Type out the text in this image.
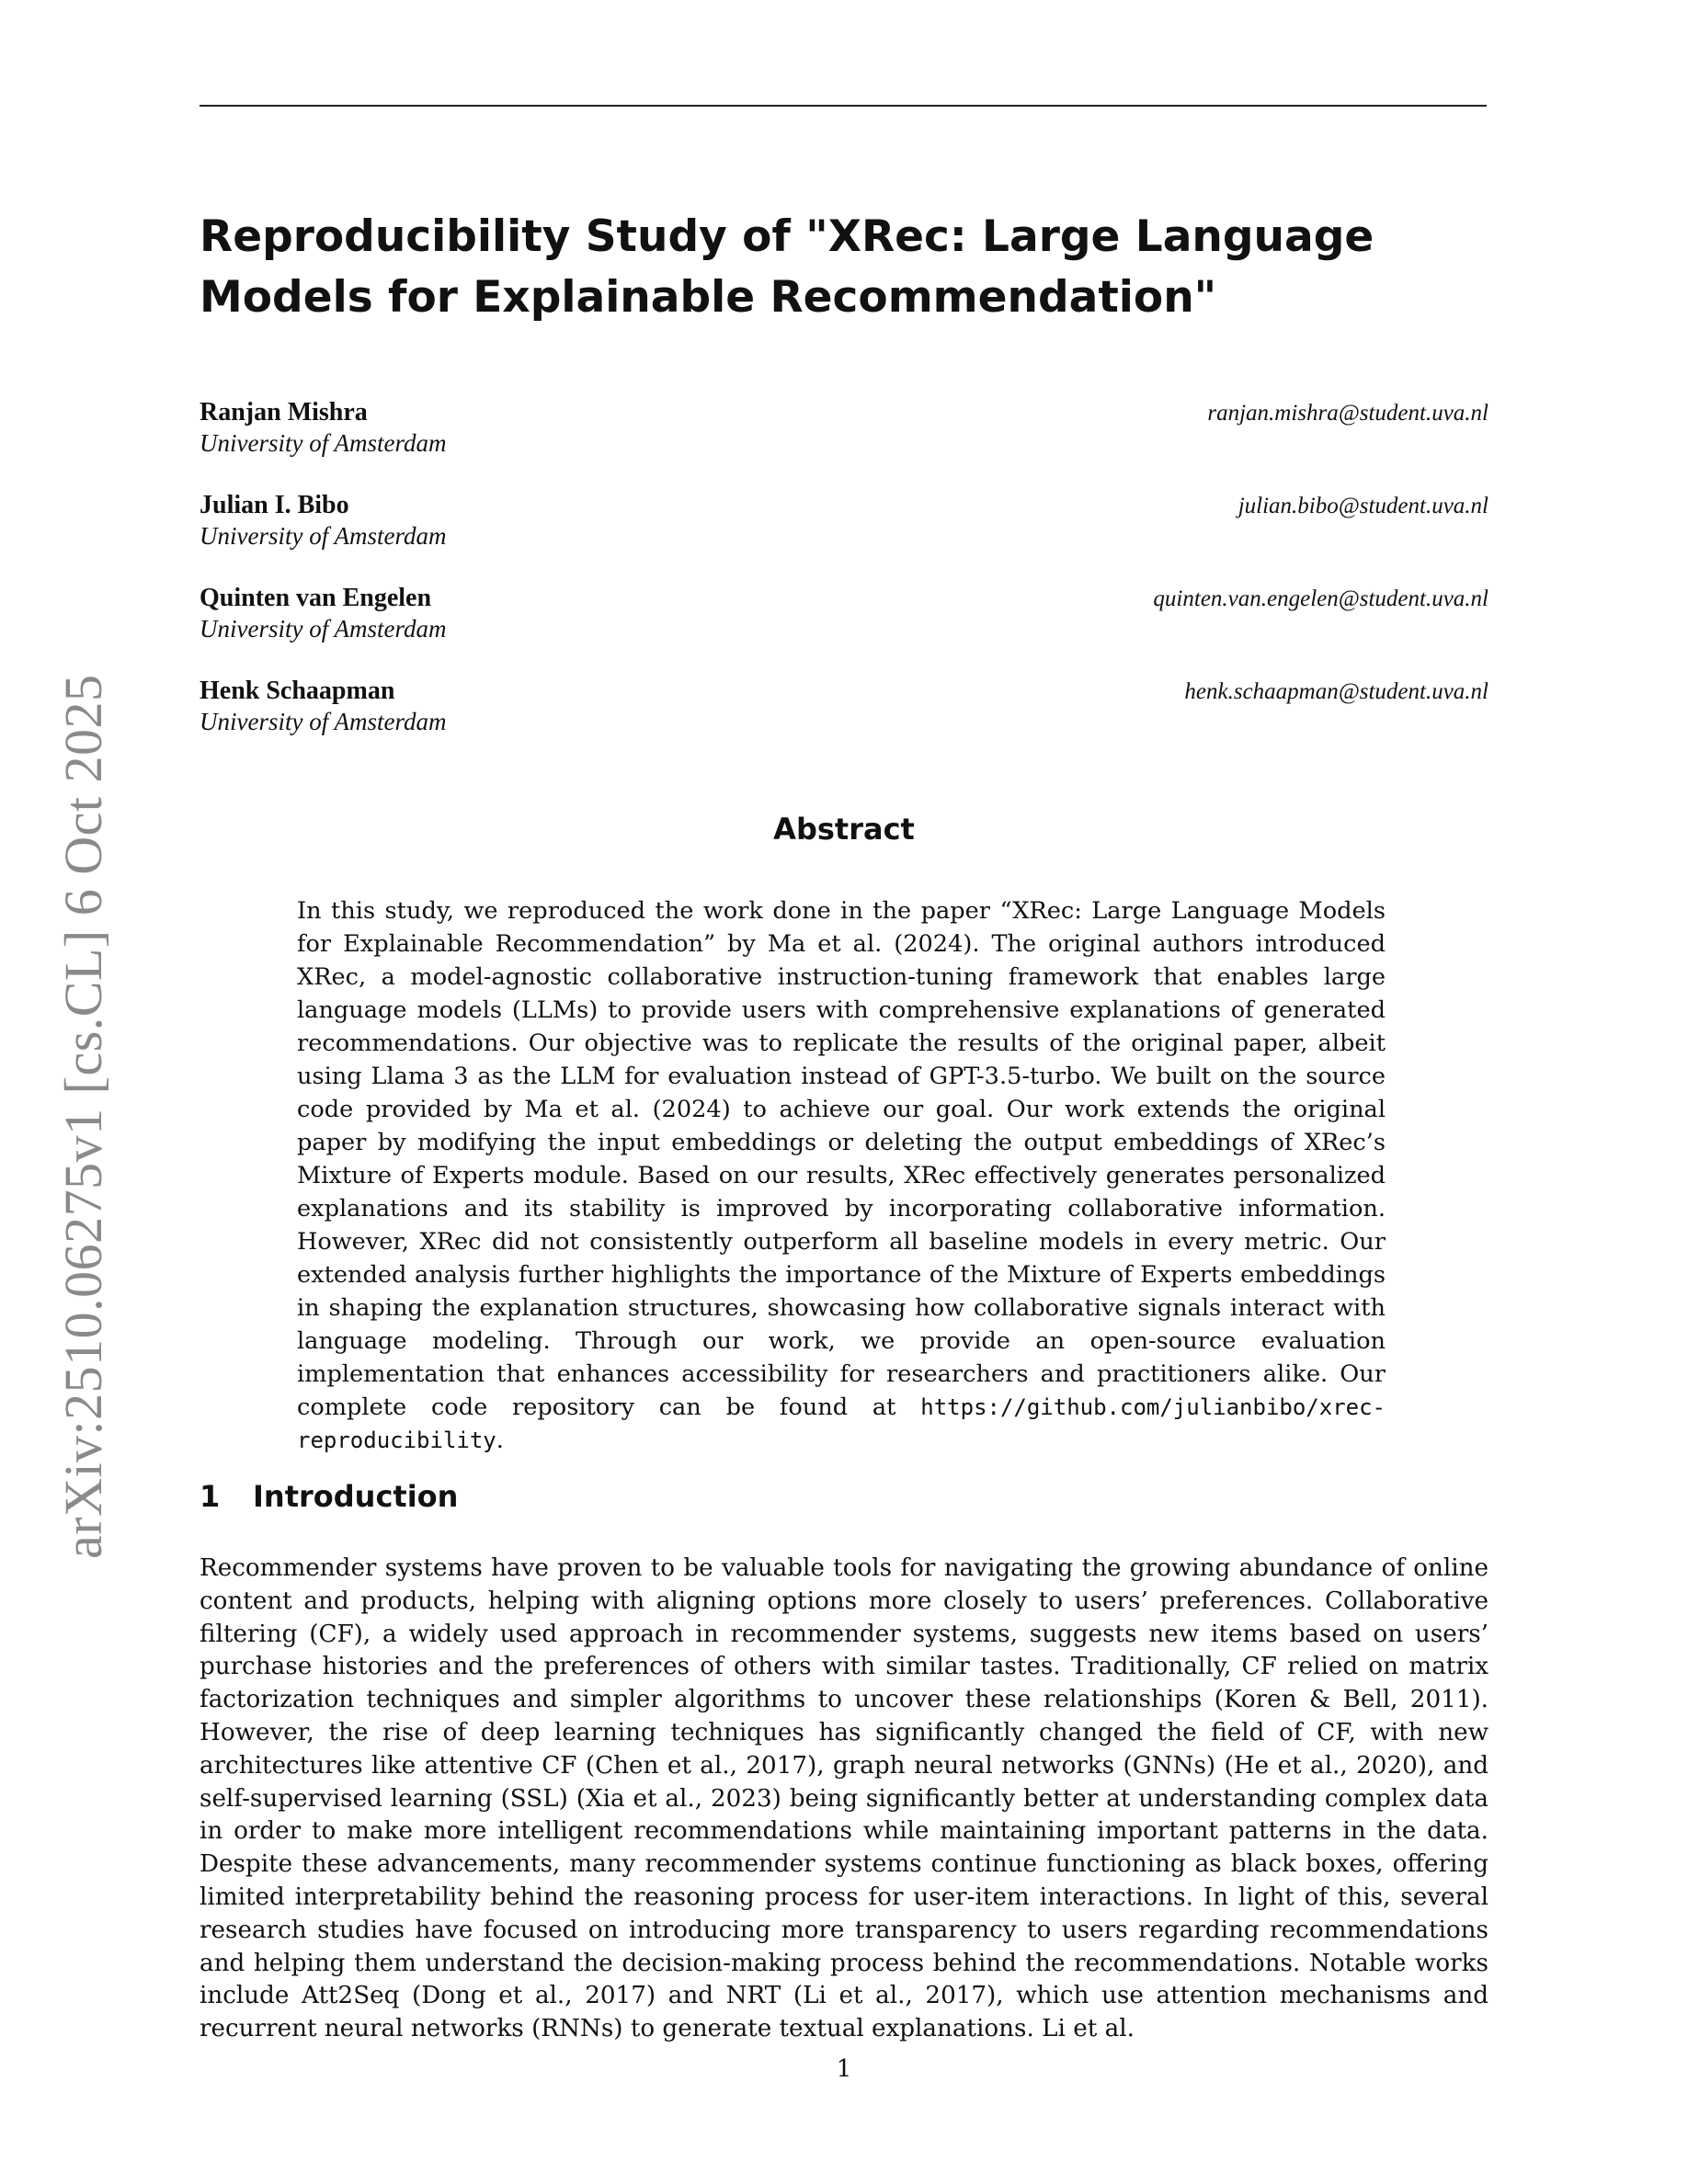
arXiv:2510.06275v1 [cs.CL] 6 Oct 2025
Reproducibility Study of "XRec: Large Language Models for Explainable Recommendation"
Ranjan Mishra
University of Amsterdam
ranjan.mishra@student.uva.nl
Julian I. Bibo
University of Amsterdam
julian.bibo@student.uva.nl
Quinten van Engelen
University of Amsterdam
quinten.van.engelen@student.uva.nl
Henk Schaapman
University of Amsterdam
henk.schaapman@student.uva.nl
Abstract

In this study, we reproduced the work done in the paper “XRec: Large Language Models for Explainable Recommendation” by Ma et al. (2024). The original authors introduced XRec, a model-agnostic collaborative instruction-tuning framework that enables large language models (LLMs) to provide users with comprehensive explanations of generated recommendations. Our objective was to replicate the results of the original paper, albeit using Llama 3 as the LLM for evaluation instead of GPT-3.5-turbo. We built on the source code provided by Ma et al. (2024) to achieve our goal. Our work extends the original paper by modifying the input embeddings or deleting the output embeddings of XRec’s Mixture of Experts module. Based on our results, XRec effectively generates personalized explanations and its stability is improved by incorporating collaborative information. However, XRec did not consistently outperform all baseline models in every metric. Our extended analysis further highlights the importance of the Mixture of Experts embeddings in shaping the explanation structures, showcasing how collaborative signals interact with language modeling. Through our work, we provide an open-source evaluation implementation that enhances accessibility for researchers and practitioners alike. Our complete code repository can be found at https://github.com/julianbibo/xrec-reproducibility.

1 Introduction

Recommender systems have proven to be valuable tools for navigating the growing abundance of online content and products, helping with aligning options more closely to users’ preferences. Collaborative filtering (CF), a widely used approach in recommender systems, suggests new items based on users’ purchase histories and the preferences of others with similar tastes. Traditionally, CF relied on matrix factorization techniques and simpler algorithms to uncover these relationships (Koren & Bell, 2011). However, the rise of deep learning techniques has significantly changed the field of CF, with new architectures like attentive CF (Chen et al., 2017), graph neural networks (GNNs) (He et al., 2020), and self-supervised learning (SSL) (Xia et al., 2023) being significantly better at understanding complex data in order to make more intelligent recommendations while maintaining important patterns in the data. Despite these advancements, many recommender systems continue functioning as black boxes, offering limited interpretability behind the reasoning process for user-item interactions. In light of this, several research studies have focused on introducing more transparency to users regarding recommendations and helping them understand the decision-making process behind the recommendations. Notable works include Att2Seq (Dong et al., 2017) and NRT (Li et al., 2017), which use attention mechanisms and recurrent neural networks (RNNs) to generate textual explanations. Li et al.

1
